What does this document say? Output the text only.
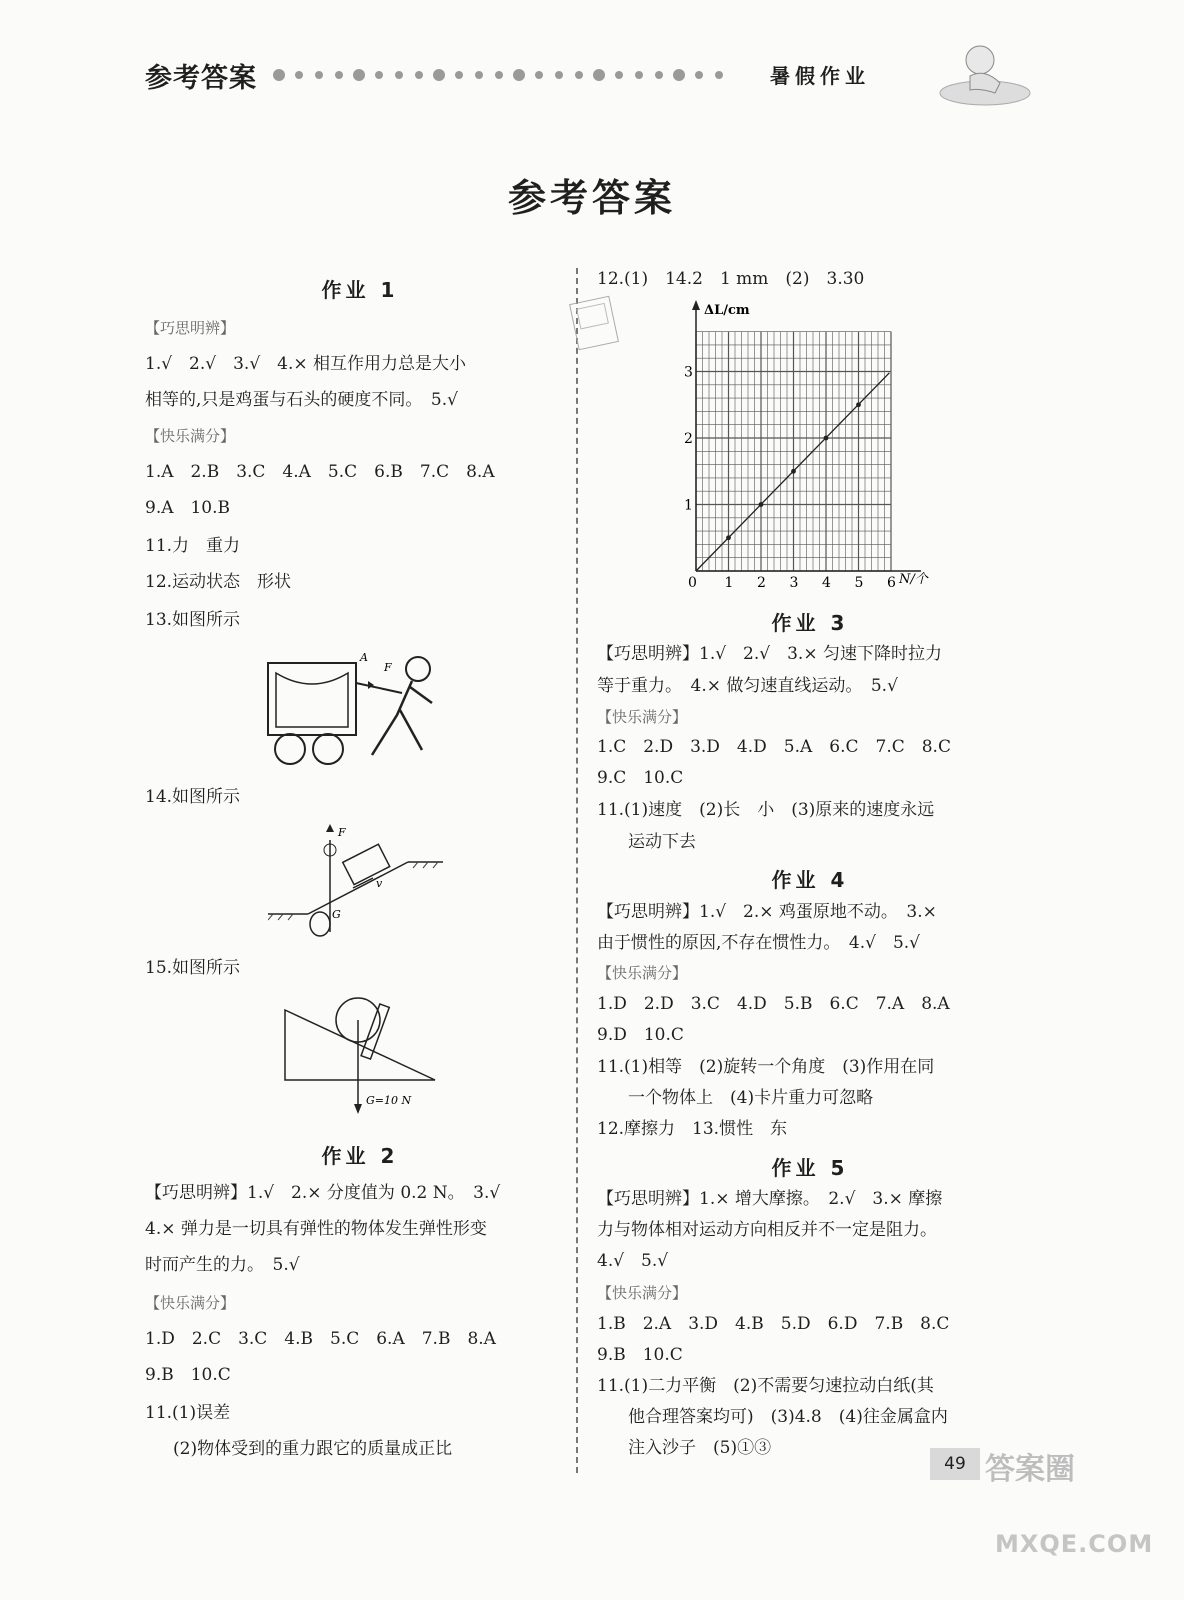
参考答案	暑假作业
参考答案
作业 1
【巧思明辨】
1.√　2.√　3.√　4.× 相互作用力总是大小
相等的,只是鸡蛋与石头的硬度不同。　5.√
【快乐满分】
1.A　2.B　3.C　4.A　5.C　6.B　7.C　8.A
9.A　10.B
11.力　重力
12.运动状态　形状
13.如图所示
14.如图所示
15.如图所示
作业 2
【巧思明辨】1.√　2.× 分度值为 0.2 N。　3.√
4.× 弹力是一切具有弹性的物体发生弹性形变
时而产生的力。　5.√
【快乐满分】
1.D　2.C　3.C　4.B　5.C　6.A　7.B　8.A
9.B　10.C
11.(1)误差
(2)物体受到的重力跟它的质量成正比
12.(1)　14.2　1 mm　(2)　3.30
作业 3
【巧思明辨】1.√　2.√　3.× 匀速下降时拉力
等于重力。　4.× 做匀速直线运动。　5.√
【快乐满分】
1.C　2.D　3.D　4.D　5.A　6.C　7.C　8.C
9.C　10.C
11.(1)速度　(2)长　小　(3)原来的速度永远
运动下去
作业 4
【巧思明辨】1.√　2.× 鸡蛋原地不动。　3.×
由于惯性的原因,不存在惯性力。　4.√　5.√
【快乐满分】
1.D　2.D　3.C　4.D　5.B　6.C　7.A　8.A
9.D　10.C
11.(1)相等　(2)旋转一个角度　(3)作用在同
一个物体上　(4)卡片重力可忽略
12.摩擦力　13.惯性　东
作业 5
【巧思明辨】1.× 增大摩擦。　2.√　3.× 摩擦
力与物体相对运动方向相反并不一定是阻力。
4.√　5.√
【快乐满分】
1.B　2.A　3.D　4.B　5.D　6.D　7.B　8.C
9.B　10.C
11.(1)二力平衡　(2)不需要匀速拉动白纸(其
他合理答案均可)　(3)4.8　(4)往金属盒内
注入沙子　(5)①③
A
F
F
v
G
G=10 N
ΔL/cm
N/个
0 1 2 3 4 5 6
1
2
3
49 答案圈
MXQE.COM
